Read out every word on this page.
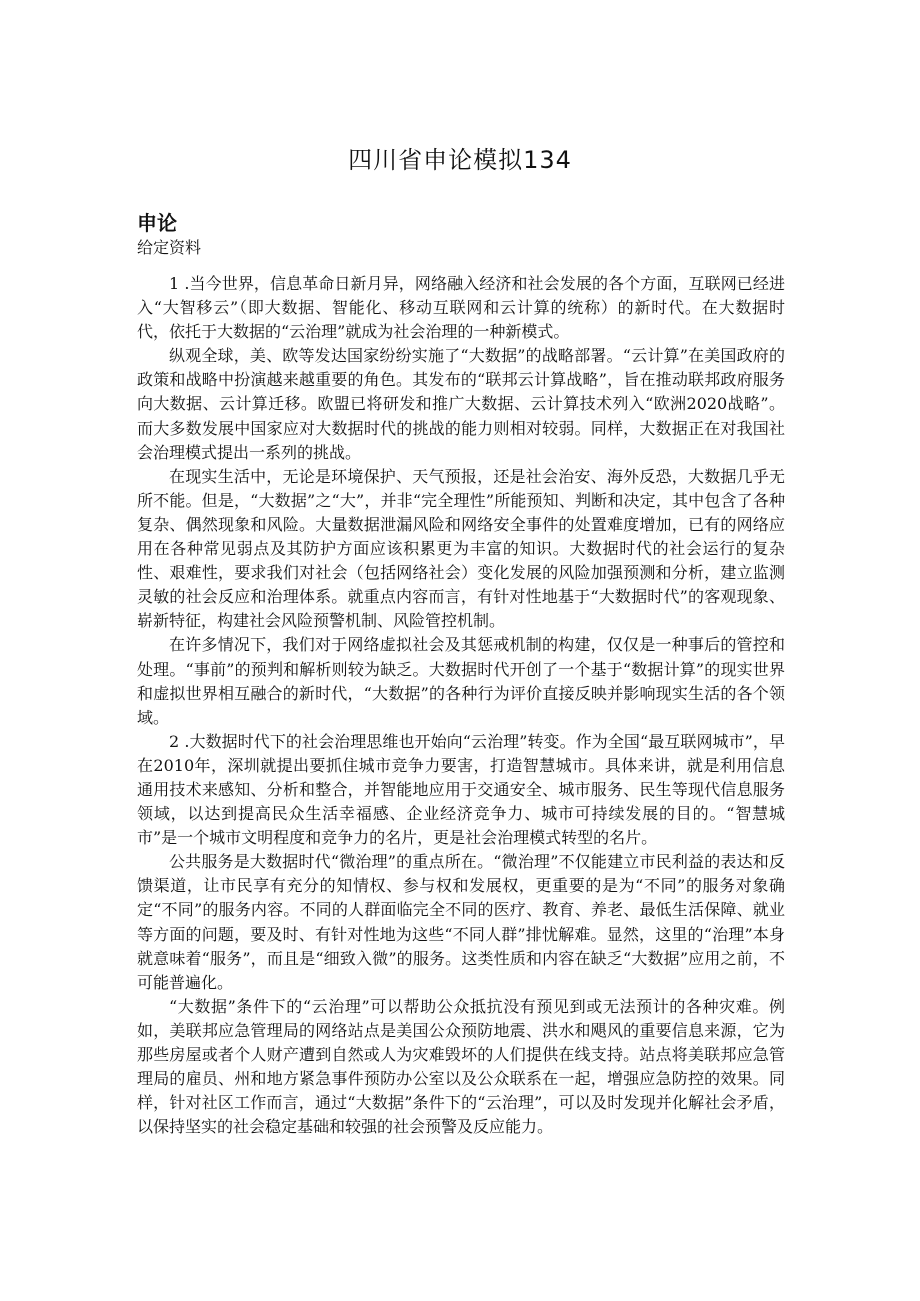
四川省申论模拟134
申论
给定资料

1 .当今世界，信息革命日新月异，网络融入经济和社会发展的各个方面，互联网已经进入“大智移云”（即大数据、智能化、移动互联网和云计算的统称）的新时代。在大数据时代，依托于大数据的“云治理”就成为社会治理的一种新模式。

纵观全球，美、欧等发达国家纷纷实施了“大数据”的战略部署。“云计算”在美国政府的政策和战略中扮演越来越重要的角色。其发布的“联邦云计算战略”，旨在推动联邦政府服务向大数据、云计算迁移。欧盟已将研发和推广大数据、云计算技术列入“欧洲2020战略”。而大多数发展中国家应对大数据时代的挑战的能力则相对较弱。同样，大数据正在对我国社会治理模式提出一系列的挑战。

在现实生活中，无论是环境保护、天气预报，还是社会治安、海外反恐，大数据几乎无所不能。但是，“大数据”之“大”，并非“完全理性”所能预知、判断和决定，其中包含了各种复杂、偶然现象和风险。大量数据泄漏风险和网络安全事件的处置难度增加，已有的网络应用在各种常见弱点及其防护方面应该积累更为丰富的知识。大数据时代的社会运行的复杂性、艰难性，要求我们对社会（包括网络社会）变化发展的风险加强预测和分析，建立监测灵敏的社会反应和治理体系。就重点内容而言，有针对性地基于“大数据时代”的客观现象、崭新特征，构建社会风险预警机制、风险管控机制。

在许多情况下，我们对于网络虚拟社会及其惩戒机制的构建，仅仅是一种事后的管控和处理。“事前”的预判和解析则较为缺乏。大数据时代开创了一个基于“数据计算”的现实世界和虚拟世界相互融合的新时代，“大数据”的各种行为评价直接反映并影响现实生活的各个领域。

2 .大数据时代下的社会治理思维也开始向“云治理”转变。作为全国“最互联网城市”，早在2010年，深圳就提出要抓住城市竞争力要害，打造智慧城市。具体来讲，就是利用信息通用技术来感知、分析和整合，并智能地应用于交通安全、城市服务、民生等现代信息服务领域，以达到提高民众生活幸福感、企业经济竞争力、城市可持续发展的目的。“智慧城市”是一个城市文明程度和竞争力的名片，更是社会治理模式转型的名片。

公共服务是大数据时代“微治理”的重点所在。“微治理”不仅能建立市民利益的表达和反馈渠道，让市民享有充分的知情权、参与权和发展权，更重要的是为“不同”的服务对象确定“不同”的服务内容。不同的人群面临完全不同的医疗、教育、养老、最低生活保障、就业等方面的问题，要及时、有针对性地为这些“不同人群”排忧解难。显然，这里的“治理”本身就意味着“服务”，而且是“细致入微”的服务。这类性质和内容在缺乏“大数据”应用之前，不可能普遍化。

“大数据”条件下的“云治理”可以帮助公众抵抗没有预见到或无法预计的各种灾难。例如，美联邦应急管理局的网络站点是美国公众预防地震、洪水和飓风的重要信息来源，它为那些房屋或者个人财产遭到自然或人为灾难毁坏的人们提供在线支持。站点将美联邦应急管理局的雇员、州和地方紧急事件预防办公室以及公众联系在一起，增强应急防控的效果。同样，针对社区工作而言，通过“大数据”条件下的“云治理”，可以及时发现并化解社会矛盾，以保持坚实的社会稳定基础和较强的社会预警及反应能力。
